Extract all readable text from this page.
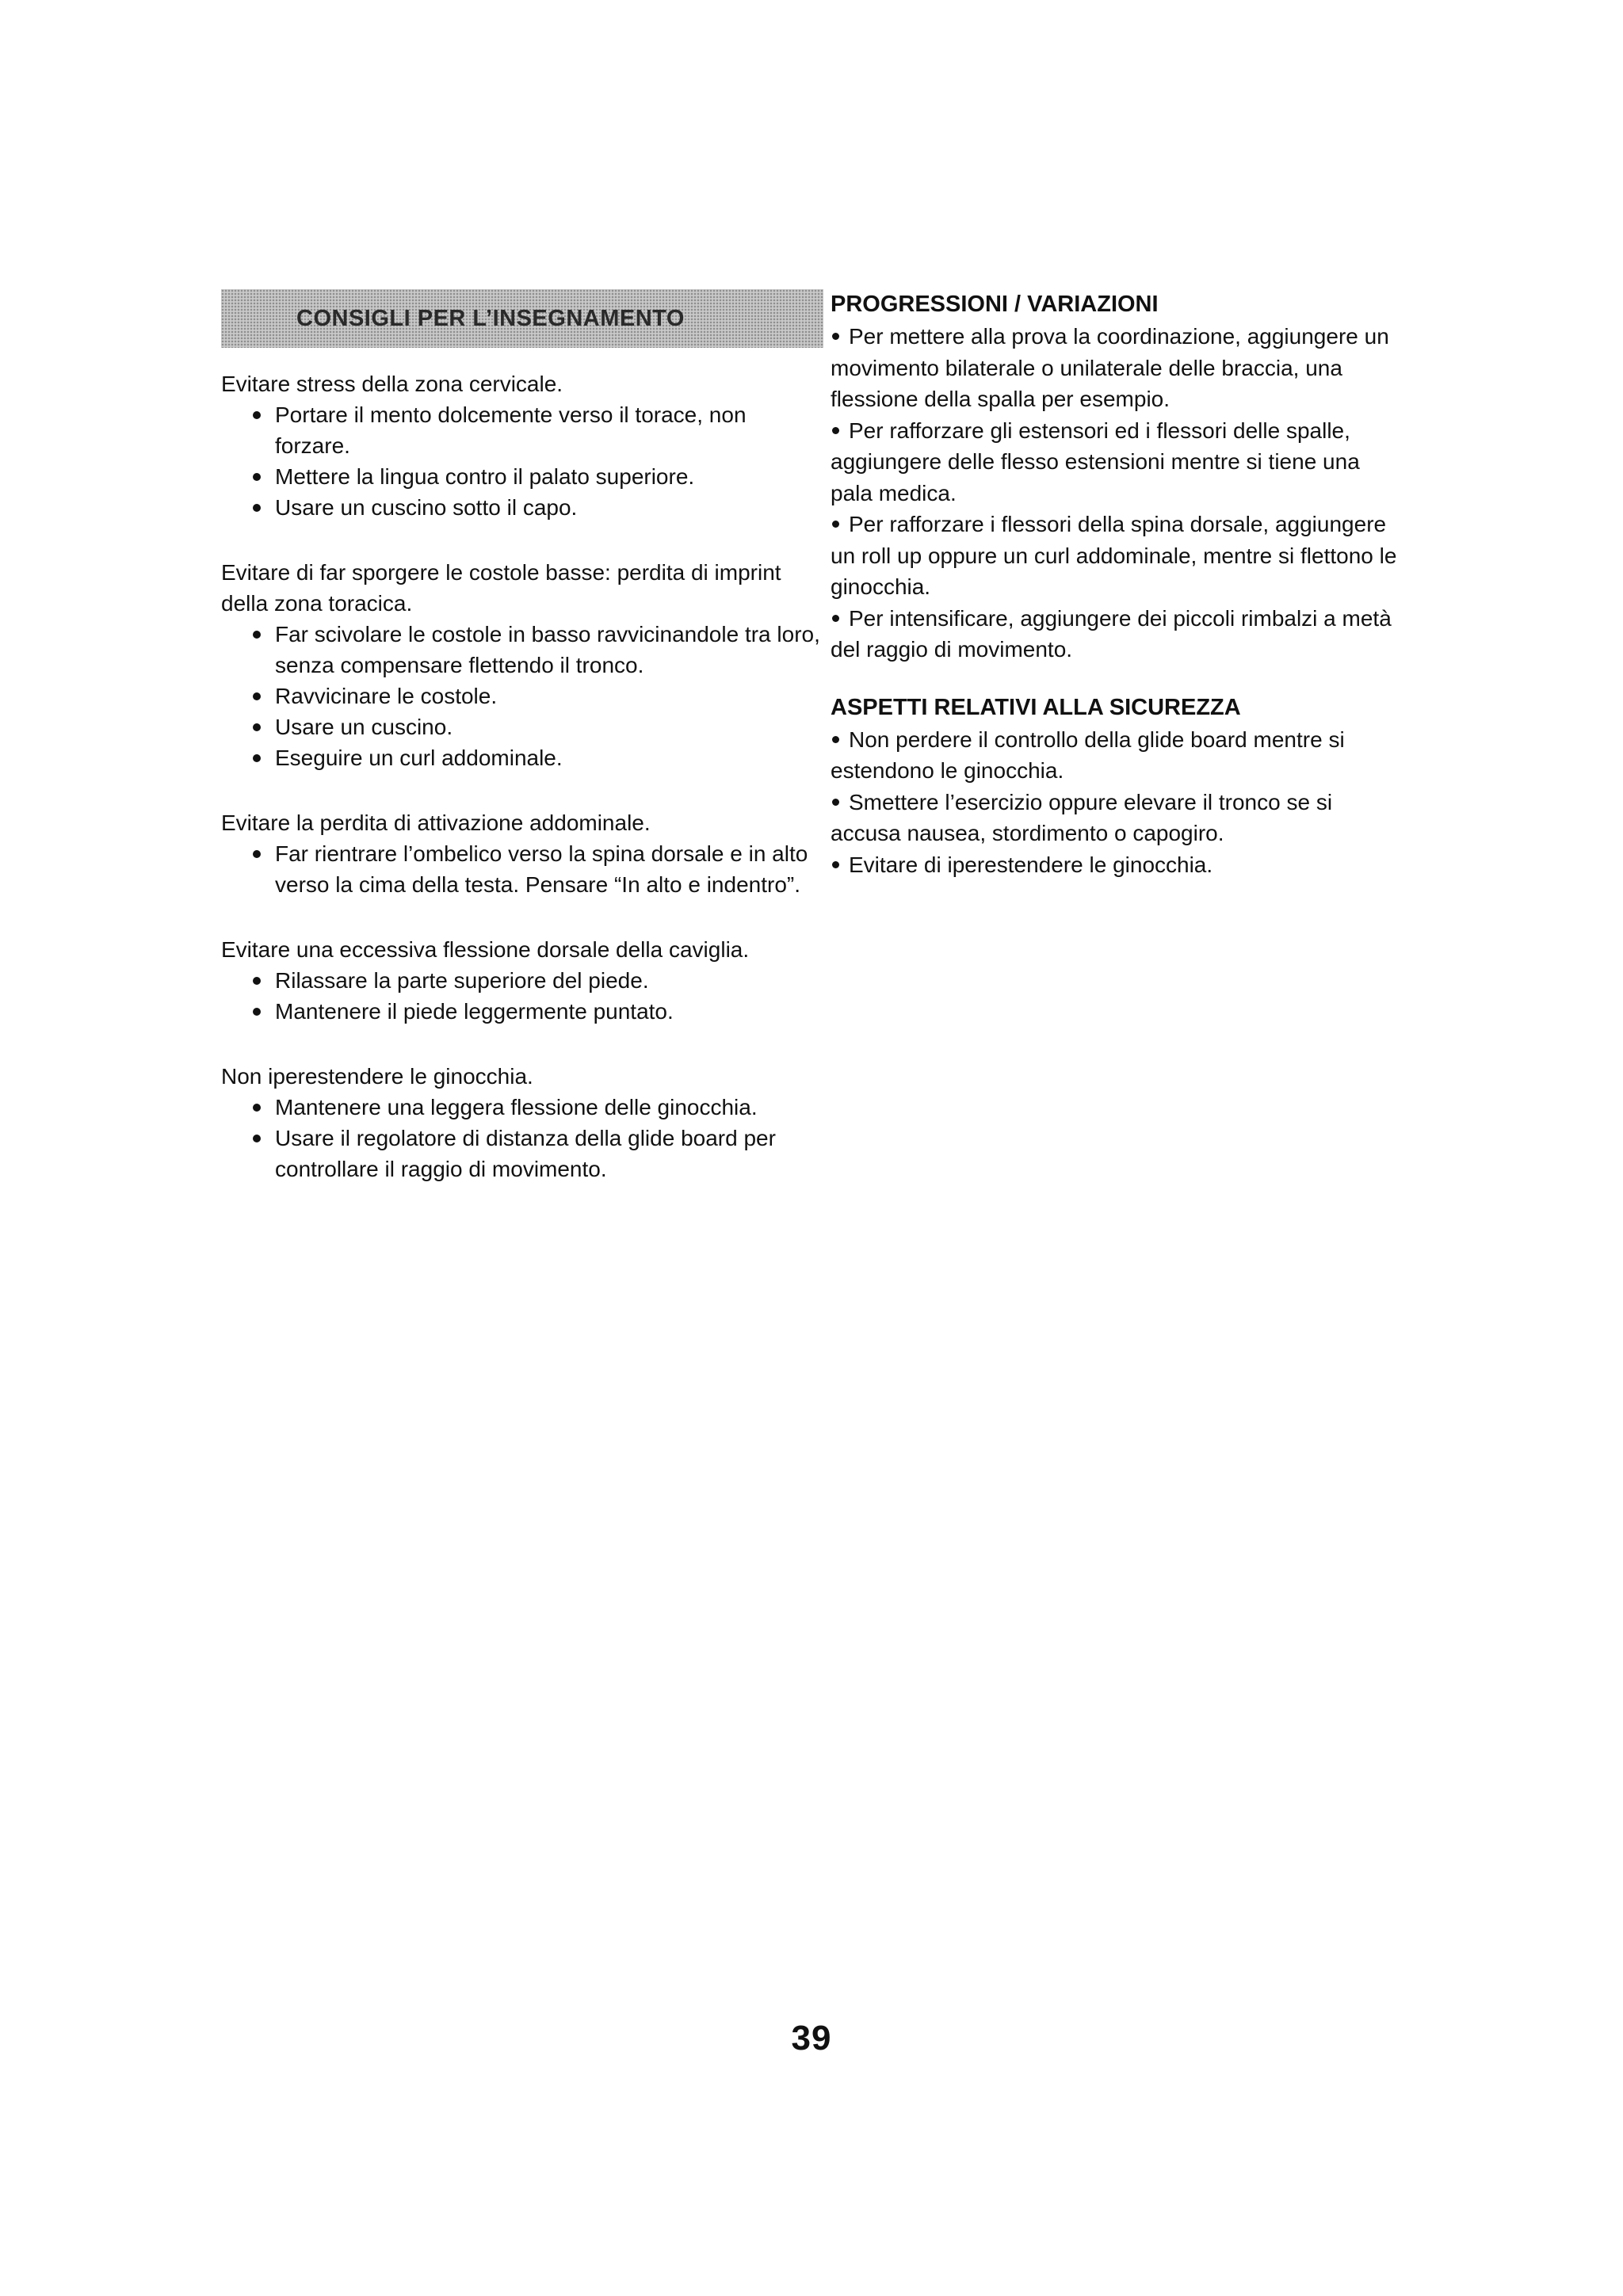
CONSIGLI PER L’INSEGNAMENTO

Evitare stress della zona cervicale.

Portare il mento dolcemente verso il torace, non forzare.
Mettere la lingua contro il palato superiore.
Usare un cuscino sotto il capo.

Evitare di far sporgere le costole basse: perdita di imprint della zona toracica.

Far scivolare le costole in basso ravvicinandole tra loro, senza compensare flettendo il tronco.
Ravvicinare le costole.
Usare un cuscino.
Eseguire un curl addominale.

Evitare la perdita di attivazione addominale.

Far rientrare l’ombelico verso la spina dorsale e in alto verso la cima della testa. Pensare “In alto e indentro”.

Evitare una eccessiva flessione dorsale della caviglia.

Rilassare la parte superiore del piede.
Mantenere il piede leggermente puntato.

Non iperestendere le ginocchia.

Mantenere una leggera flessione delle ginocchia.
Usare il regolatore di distanza della glide board per controllare il raggio di movimento.
PROGRESSIONI / VARIAZIONI

Per mettere alla prova la coordinazione, aggiungere un movimento bilaterale o unilaterale delle braccia, una flessione della spalla per esempio.

Per rafforzare gli estensori ed i flessori delle spalle, aggiungere delle flesso estensioni mentre si tiene una pala medica.

Per rafforzare i flessori della spina dorsale, aggiungere un roll up oppure un curl addominale, mentre si flettono le ginocchia.

Per intensificare, aggiungere dei piccoli rimbalzi a metà del raggio di movimento.

ASPETTI RELATIVI ALLA SICUREZZA

Non perdere il controllo della glide board mentre si estendono le ginocchia.

Smettere l’esercizio oppure elevare il tronco se si accusa nausea, stordimento o capogiro.

Evitare di iperestendere le ginocchia.

39
